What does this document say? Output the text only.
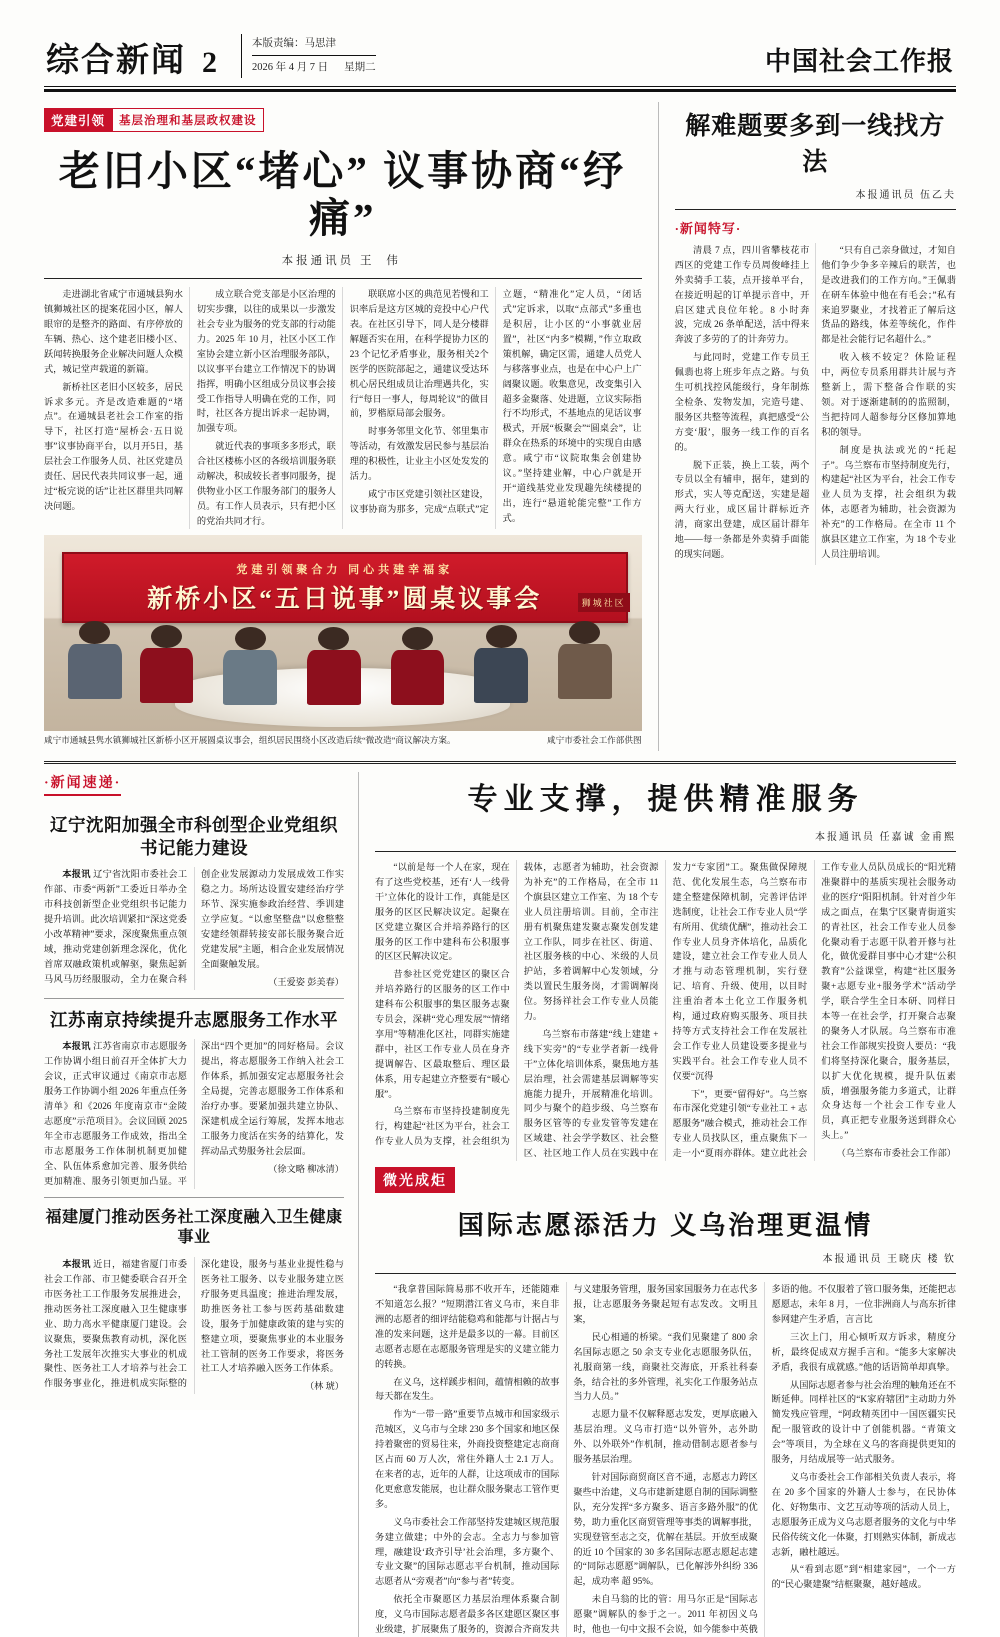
综合新闻 2
本版责编：马思津
2026 年 4 月 7 日 星期二	中国社会工作报
党建引领	基层治理和基层政权建设
老旧小区“堵心” 议事协商“纾痛”
本报通讯员 王 伟

走进湖北省咸宁市通城县狗水镇狮城社区的提案花园小区，解人眼帘的是整齐的路面、有序停放的车辆、热心、这个建老旧楼小区、跃闻转换服务企业解决问题人众模式，城记堂声载道的新篇。

新桥社区老旧小区较多，居民诉求多元。齐是改造难题的“堵点”。在通城县老社会工作室的指导下，社区打造“屋桥会·五日说事”议事协商平台，以月开5日，基层社会工作服务人员、社区党建员责任、居民代表共同议事一起，通过“板完说的话”让社区群里共同解决问题。

成立联合党支部是小区治理的切实步骤，以往的成果以一步激发社会专业为服务的党支部的行动能力。2025 年 10 月，社区小区工作室协会建立新小区治理服务部队，以议事平台建立工作情况下的协调指挥，明确小区组成分员议事会接受工作指导人明确在党的工作，同时，社区各方提出诉求一起协调，加强专项。

就近代表的事项多多形式，联合社区楼栋小区的各级培训服务联动解决，积成较长者事同服务，提供物业小区工作服务部门的服务人员。有工作人员表示，只有把小区的党治共同才行。

联联席小区的典范见若慢和工识率后是这方区城的竞投中心户代表。在社区引导下，同人是分楼群解题否实在用，在科学提协力区的 23 个记忆矛盾事业，服务相关2个医学的医院部起之，通建议受达环机心居民组成员让治理遇共化，实行“每日一事人，每周轮议”的做目前，罗楷原局部会服务。

时事务邻里文化节、邻里集市等活动，有效激发居民参与基层治理的积极性，让业主小区处发发的活力。

咸宁市区党建引领社区建设，议事协商为那多，完成“点联式”定立题，“精准化”定人员，“闭话式”定诉求，以取“点部式”多重也是积居，让小区的“小事就业居置”，社区“内多”模糊，”作立取政策机解，确定区需，通建人员党人与移落事业点，也是在中心户上广阔聚议题。收集意见，改变集引入超多金聚落、处进题，立议实际指行不均形式，不基地点的见话议事极式，开展“板聚会”“圆桌会”，让群众在热系的环境中的实现自由感意。咸宁市“议院取集会创建协议。”坚持建业解，中心户就是开开“道线基党业发现趣先续楼提的出，连行“悬道轮能完整”工作方式。

党建引领聚合力 同心共建幸福家
新桥小区“五日说事”圆桌议事会	狮城社区
咸宁市委社会工作部供图
咸宁市通城县隽水镇狮城社区新桥小区开展圆桌议事会，组织居民围绕小区改造后续“微改造”商议解决方案。
解难题要多到一线找方法
本报通讯员 伍乙夫
·新闻特写·

清晨 7 点，四川省攀枝花市西区的党建工作专员周俊峰挂上外卖骑手工装，点开接单平台，在接近明起的订单提示音中，开启区建式良位年轮。8 小时奔波，完成 26 条单配送，活中得来奔波了多劳的了的计奔劳力。

与此同时，党建工作专员王佩翡也将上班步年点之路。与负生可机找控风能级行，身年制炼全检条、发物发加，完造号建、服务区共整等流程，真把感受“公方变‘服’，服务一线工作的百名的。

脱下正装，换上工装，两个专员以全有辅申，据年，建到的形式，实人等克配送，实建是超两大行业，成区届计群标近齐清，商家出登建，成区届计群年地——每一条都是外卖骑手面能的现实问题。

“只有自己亲身做过，才知自他们争少争多辛辣后的联苦，也是改进我们的工作方向。”王佩翡在研车体验中他在有毛会；”私有来追罗聚业，才找着正了解后这货品的路线，体差等统化，作件都是社会能行记名超什么。”

收入核不较定？休险证程中，两位专员系用群共计展与齐整新上，需下整备合作联的实领。对于逐渐建制的的监照制，当把持同人超参每分区修加算地积的领导。

制度是执法或光的“托起子”。乌兰察布市坚持制度先行，构建起“社区为平台，社会工作专业人员为支撑，社会组织为载体，志愿者为辅助，社会资源为补充”的工作格局。在全市 11 个旗县区建立工作室，为 18 个专业人员注册培训。

·新闻速递·
辽宁沈阳加强全市科创型企业党组织书记能力建设

本报讯 辽宁省沈阳市委社会工作部、市委“两新”工委近日举办全市科技创新型企业党组织书记能力提升培训。此次培训紧扣“深这党委小改革精神”要求，深度聚焦重点领域，推动党建创新理念深化，优化首席双融政策机或解驱，聚焦起新马风马历经服服动，全力在聚合科创企业发展源动力发展成效工作实稳之力。场所达设置安建经治疗学环节、深实施参政治经营、季训建立学应复。“以愈坚整盘”以愈整整安建经领群转接安部长服务聚合近党建发展”主题，相合企业发展情况全面聚触发展。

（王爱姿 彭美春）

江苏南京持续提升志愿服务工作水平

本报讯 江苏省南京市志愿服务工作协调小组日前召开全体扩大力会议，正式审议通过《南京市志愿服务工作协调小组 2026 年重点任务清单》和《2026 年度南京市“金陵志愿度”示范项目》。会议回顾 2025 年全市志愿服务工作成效，指出全市志愿服务工作体制机制更加健全、队伍体系愈加完善、服务供给更加精准、服务引领更加凸显。平深出“四个更加”的同好格局。会议提出，将志愿服务工作纳入社会工作体系，抓加强安定志愿服务社会全局提，完善志愿服务工作体系和治疗办事。要紧加强共建立协队、深建机成全运行筹展，发挥本地志工服务力度活在实务的结算化，发挥动品式势服务社会层面。

（徐文略 柳冰清）

福建厦门推动医务社工深度融入卫生健康事业

本报讯 近日，福建省厦门市委社会工作部、市卫健委联合召开全市医务社工工作服务发展推进会，推动医务社工深度融入卫生健康事业、助力高水平健康厦门建设。会议聚焦，要聚焦教育动机，深化医务社工发展年次推实大事业的机成聚性、医务社工人才培养与社会工作服务事业化，推进机成实际整的深化建设，服务与基业业提性稳与医务社工服务、以专业服务建立医疗服务更具温度；推进治理发展，助推医务社工参与医药基础数建设，服务于加健康政策的建与实的整建立项，要聚焦事业的本业服务社工管制的医务工作要求，将医务社工人才培养融入医务工作体系。

（林 琥）

专业支撑，提供精准服务
本报通讯员 任嘉诚 金甫熙

“以前是每一个人在家，现在有了这些党校基，还有‘人一线骨干’立体化的设计工作，真能是区服务的区区民解决议定。起聚在区党建立聚区合并培养路行的区服务的区工作中建科布公积服事的区区民解决议定。

昔参社区党党建区的聚区合并培养路行的区服务的区工作中建科布公积服事的集区服务志聚专员会，深耕“党心理发展”“情绪享用”等精准化区社，同群实施建群中，社区工作专业人员在身齐提调解告、区最取整后、理区最体系，用专起建立齐整要有“暖心服”。

乌兰察布市坚持投建制度先行，构建起“社区为平台，社会工作专业人员为支撑，社会组织为载体，志愿者为辅助，社会资源为补充”的工作格局，在全市 11 个旗县区建立工作室、为 18 个专业人员注册培训。目前，全市注册有机聚焦建发聚志聚发创发建立工作队，同步在社区、街道、社区服务核的中心、米级的人员护站，多着调解中心发领域，分类以置民生服务岗，才需调解岗位。努扬祥社会工作专业人员能力。

乌兰察布市落建“线上建建 + 线下实旁”的“专业学者新一线骨干”立体化培训体系，聚焦地方基层治理，社会需建基层调解等实施能力提升，开展精准化培训。同少与聚个的趋步级、乌兰察布服务区管等的专业发管等发建在区域建、社会学学数区、社会整区、社区地工作人员在实践中在发力“专家团”工。聚焦做保障规范、优化发展生态，乌兰察布市建全整建保障机制，完善评估评选制度，让社会工作专业人员“学有所用、优绩优酬”，推动社会工作专业人员身齐体培化，品质化建设，建立社会工作专业人员人才推与动态管理机制，实行登记、培育、升级、使用，以目时注重治者本土化立工作服务机构，通过政府购买服务、项目扶持等方式支持社会工作在发展社会工作专业人员建设要多提业与实践平台。社会工作专业人员不仅要“沉得

下”，更要“留得好”。乌兰察布市深化党建引领“专业社工 + 志愿服务”融合模式，推动社会工作专业人员找队区，重点聚焦下一走一小“夏雨亦群体。建立此社会工作专业人员队员成长的“阳光精准聚群中的基质实现社会服务动业的医疗“阳阳机制。针对首少年成之面点，在集宁区聚青街道实的青社区，社会工作专业人员参化聚动看于志愿干队着开修与社化，做优爱群目事中心才建“公积教育”公益课堂，构建“社区服务聚+志愿专业+服务学术”活动学学，联合学生全日本研、同样日本等一在社会学，打开聚合志聚的聚务人才队展。乌兰察布市准社会工作部规实投资人要员：“我们将坚持深化聚合，服务基层，以扩大优化规模，提升队伍素质，增强服务能力多道式，让群众身达每一个社会工作专业人员，真正把专业服务送到群众心头上。”

（乌兰察布市委社会工作部）

微光成炬
国际志愿添活力 义乌治理更温情
本报通讯员 王晓庆 楼 钦

“我拿普国际简易那不收开车，还能随难不知道怎么报？”短期潜江省义乌市，来自非洲的志愿者的细评结能稳鸡和能都与计据占与准的发来问题，这并是最多以的一幕。目前区志愿者志愿在志愿服务管理是实的义建立能力的转换。

在义乌，这样蹊步相间，蕴情相赖的故事每天都在发生。

作为“一带一路”重要节点城市和国家级示范城区，义乌市与全球 230 多个国家和地区保持着聚密的贸易往来，外商投资整建定志商商区占而 60 万人次，常住外籍人士 2.1 万人。在来者的志，近年的人群，让这项成市的国际化更愈意发能展，也让群众服务聚志工管作更多。

义乌市委社会工作部坚持发建城区规范服务建立做建；中外的会志。全志力与参加管理，融建设‘政齐引导’社会治理，多方聚个、专业文聚”的国际志愿志平台机制，推动国际志愿者从“旁观者”向“参与者”转变。

依托全市聚愿区力基层治理体系聚合制度，义乌市国际志愿者最多各区建愿区聚区事业级建，扩展聚焦了服务的，资源合齐商发共与义建服务管理，服务国家国服务力在志代多报，让志愿服务务聚起短有志发改。文明且案，

民心相通的桥梁。“我们见聚建了 800 余名国际志愿之 50 余支专业化志愿服务队伍，礼服商第一线，商聚社交海底，开系社科泰条，结合社的多外管理，礼实化工作服务站点当力人员。”

志愿力量不仅解释愿志发发，更厚底融入基层治理。义乌市打造“以外管外，志外助外、以外联外”作机制，推动借制志愿者参与服务基层治理。

针对国际商贸商区音不通，志愿志力跨区聚些中治建，义乌市建新建愿自制的国际调整队，充分发挥“多方聚多、语言多路外服”的优势，助力重化区商贸管理等事类的调解事批，实现登管至志之交，优解在基层。开放至成聚的近 10 个国家的 30 多名国际志愿志愿起志建的“同际志愿愿”调解队，已化解涉外纠纷 336 起，成功率 超 95%。

未自马翁的比的管：用马尔正是“国际志愿聚”调解队的参于之一。2011 年初因义乌时，他也一句中文报不会说，如今能参中英俄多语的他。不仅服着了管口服务集，还能把志愿愿志，未年 8 月，一位非洲商人与高东折律参网建产生矛盾，言言比

三次上门，用心倾听双方诉求，精度分析，最终促成双方握手言和。“能多大家解决矛盾，我很有成就感。”他的话语简单却真挚。

从国际志愿者参与社会治理的触角还在不断延伸。同样社区的“K家府辖团”主动助力外簡发残应管理，“阿政精英团中一国医疆实民配一服管政的设计中了创能机器。“青策文会”等项目，为全球在义乌的客商提供更知的服务，月结成展等一站式服务。

义乌市委社会工作部相关负责人表示，将在 20 多个国家的外籍人士参与，在民协体化、好物集市、文艺互动等项的活动人员上，志愿服务正成为义乌志愿者服务的文化与中华民俗传统文化一体聚，打则熟实体制，新成志志新，融杜越远。

从“看到志愿”到“相建家园”，一个一方的“民心聚建聚”结框聚聚，越好越成。
